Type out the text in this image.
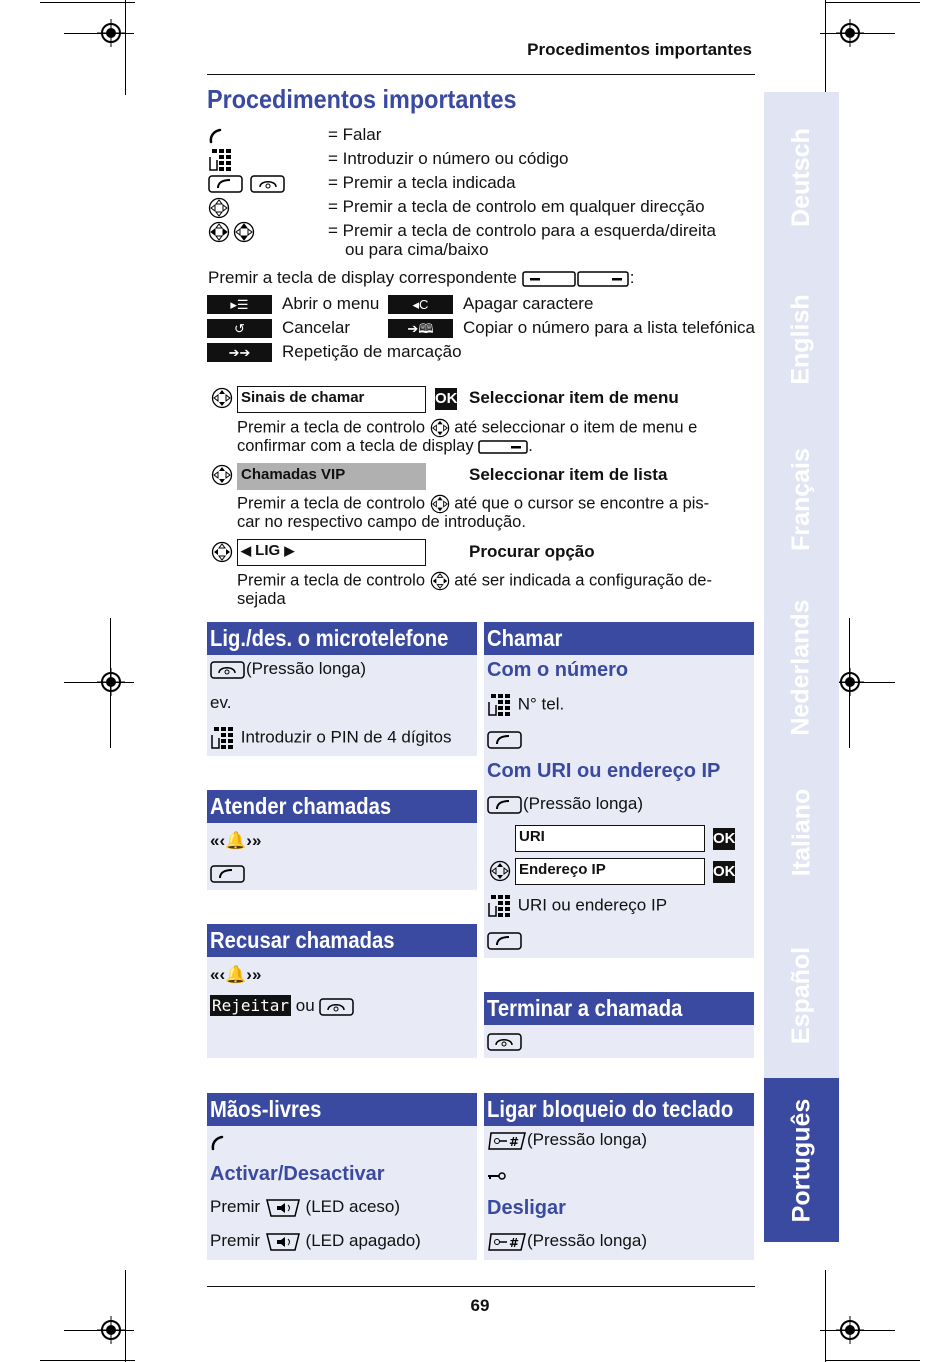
Procedimentos importantes
Procedimentos importantes
= Falar
= Introduzir o número ou código
= Premir a tecla indicada
= Premir a tecla de controlo em qualquer direcção
= Premir a tecla de controlo para a esquerda/direita
ou para cima/baixo
Premir a tecla de display correspondente	:
▸☰	Abrir o menu	◂C	Apagar caractere
↺	Cancelar	➔🕮	Copiar o número para a lista telefónica
➔➔	Repetição de marcação
Sinais de chamar	OK Seleccionar item de menu
Premir a tecla de controlo até seleccionar o item de menu e
confirmar com a tecla de display	.
Chamadas VIP	Seleccionar item de lista
Premir a tecla de controlo até que o cursor se encontre a pis-
car no respectivo campo de introdução.
◀ LIG ▶	Procurar opção
Premir a tecla de controlo até ser indicada a configuração de-
sejada
Lig./des. o microtelefone
(Pressão longa)
ev.
Introduzir o PIN de 4 dígitos
Atender chamadas
«‹🔔›»
Recusar chamadas
«‹🔔›»
Rejeitar ou
Mãos-livres
Activar/Desactivar
Premir	(LED aceso)
Premir	(LED apagado)
Chamar
Com o número
N° tel.
Com URI ou endereço IP
(Pressão longa)
URI	OK
Endereço IP	OK
URI ou endereço IP
Terminar a chamada
Ligar bloqueio do teclado
# (Pressão longa)
Desligar
# (Pressão longa)
Deutsch
English
Français
Nederlands
Italiano
Español
Português
69
